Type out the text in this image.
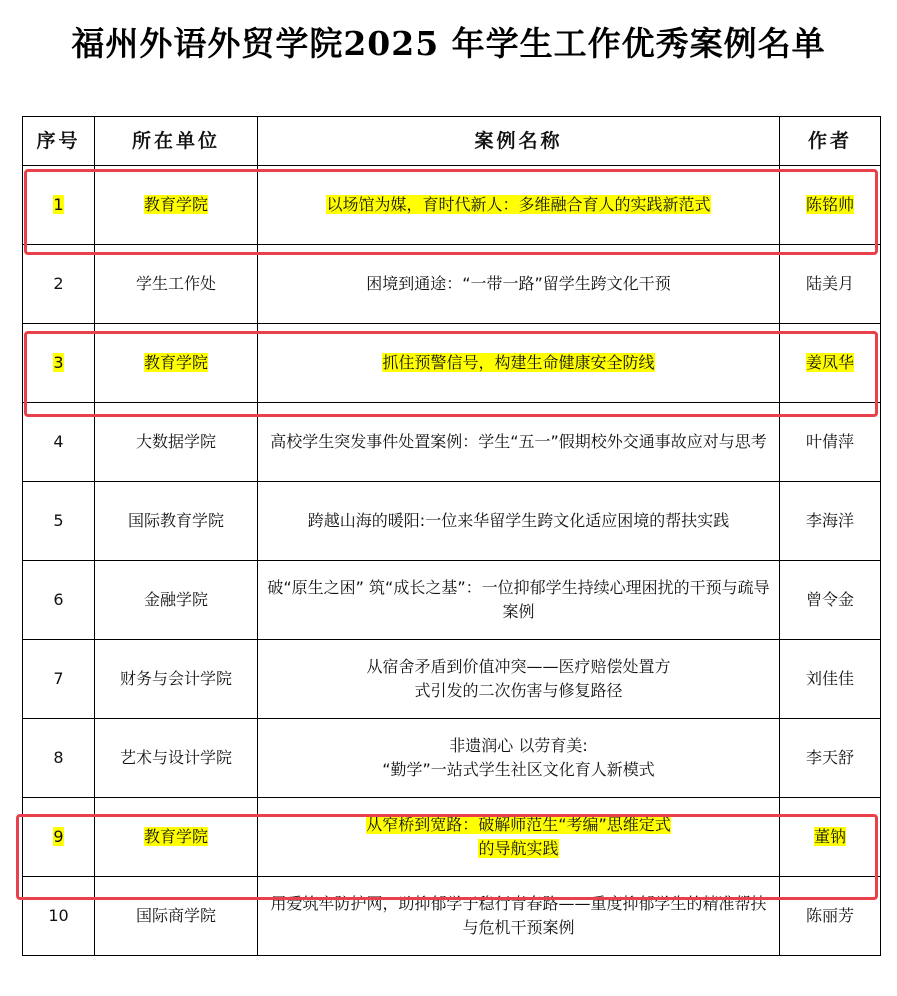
福州外语外贸学院2025 年学生工作优秀案例名单
序号	所在单位	案例名称	作者
1	教育学院	以场馆为媒，育时代新人：多维融合育人的实践新范式	陈铭帅
2	学生工作处	困境到通途：“一带一路”留学生跨文化干预	陆美月
3	教育学院	抓住预警信号，构建生命健康安全防线	姜凤华
4	大数据学院	高校学生突发事件处置案例：学生“五一”假期校外交通事故应对与思考	叶倩萍
5	国际教育学院	跨越山海的暖阳:一位来华留学生跨文化适应困境的帮扶实践	李海洋
6	金融学院	破“原生之困” 筑“成长之基”：一位抑郁学生持续心理困扰的干预与疏导案例	曾令金
7	财务与会计学院	从宿舍矛盾到价值冲突——医疗赔偿处置方
式引发的二次伤害与修复路径	刘佳佳
8	艺术与设计学院	非遗润心 以劳育美:
“勤学”一站式学生社区文化育人新模式	李天舒
9	教育学院	从窄桥到宽路：破解师范生“考编”思维定式
的导航实践	董钠
10	国际商学院	用爱筑牢防护网，助抑郁学子稳行青春路——重度抑郁学生的精准帮扶与危机干预案例	陈丽芳
